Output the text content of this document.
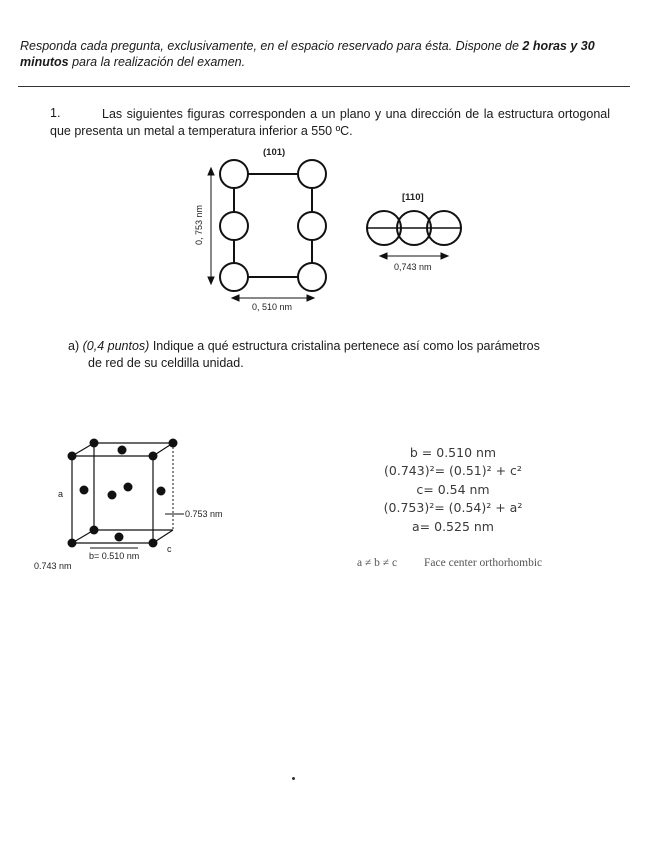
Responda cada pregunta, exclusivamente, en el espacio reservado para ésta. Dispone de 2 horas y 30
minutos para la realización del examen.
1.	Las siguientes figuras corresponden a un plano y una dirección de la estructura ortogonal que presenta un metal a temperatura inferior a 550 ºC.
(101)
0, 753 nm
0, 510 nm
[110]
0,743 nm
a) (0,4 puntos) Indique a qué estructura cristalina pertenece así como los parámetros
de red de su celdilla unidad.
a
c
b= 0.510 nm
0.743 nm
0.753 nm
b = 0.510 nm
(0.743)²= (0.51)² + c²
c= 0.54 nm
(0.753)²= (0.54)² + a²
a= 0.525 nm
a ≠ b ≠ c Face center orthorhombic
